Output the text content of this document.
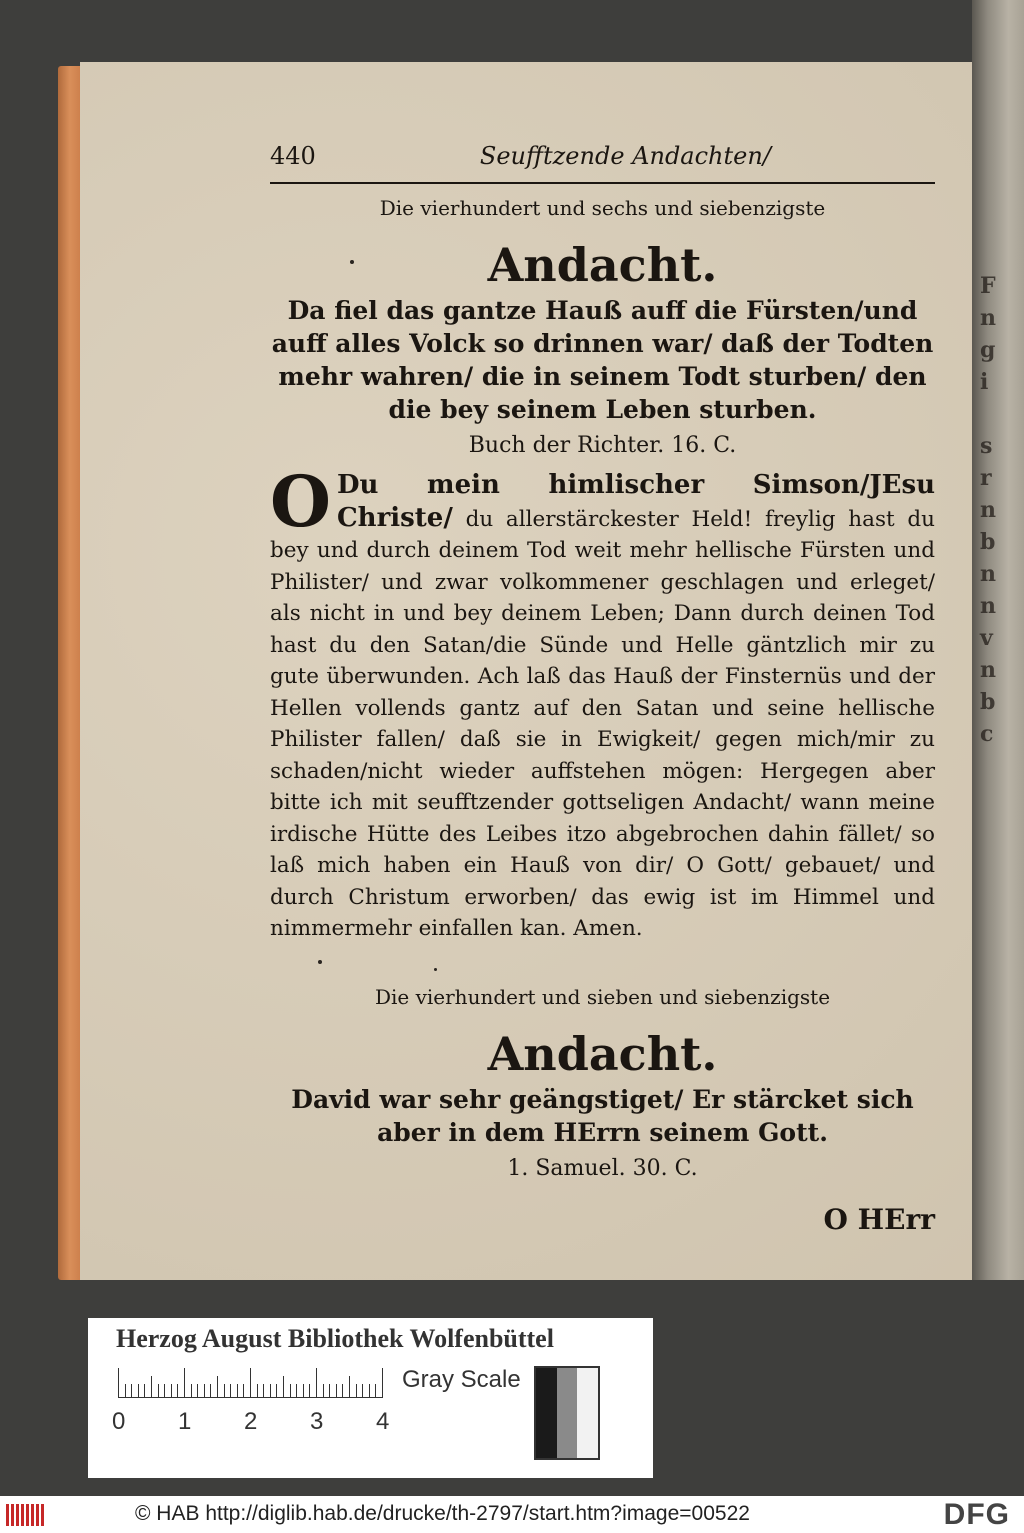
F
n
g
i
s
r
n
b
n
n
v
n
b
c
440	Seufftzende Andachten/
Die vierhundert und sechs und siebenzigste
Andacht.
Da fiel das gantze Hauß auff die Fürsten/und auff alles Volck so drinnen war/ daß der Todten mehr wahren/ die in seinem Todt sturben/ den die bey seinem Leben sturben.
Buch der Richter. 16. C.
O Du mein himlischer Simson/JEsu Christe/ du allerstärckester Held! freylig hast du bey und durch deinem Tod weit mehr hellische Fürsten und Philister/ und zwar volkommener geschlagen und erleget/ als nicht in und bey deinem Leben; Dann durch deinen Tod hast du den Satan/die Sünde und Helle gäntzlich mir zu gute überwunden. Ach laß das Hauß der Finsternüs und der Hellen vollends gantz auf den Satan und seine hellische Philister fallen/ daß sie in Ewigkeit/ gegen mich/mir zu schaden/nicht wieder auffstehen mögen: Hergegen aber bitte ich mit seufftzender gottseligen Andacht/ wann meine irdische Hütte des Leibes itzo abgebrochen dahin fället/ so laß mich haben ein Hauß von dir/ O Gott/ gebauet/ und durch Christum erworben/ das ewig ist im Himmel und nimmermehr einfallen kan. Amen.
Die vierhundert und sieben und siebenzigste
Andacht.
David war sehr geängstiget/ Er stärcket sich aber in dem HErrn seinem Gott.
1. Samuel. 30. C.
O HErr
Herzog August Bibliothek Wolfenbüttel
0 1 2 3 4
Gray Scale
© HAB http://diglib.hab.de/drucke/th-2797/start.htm?image=00522	DFG
